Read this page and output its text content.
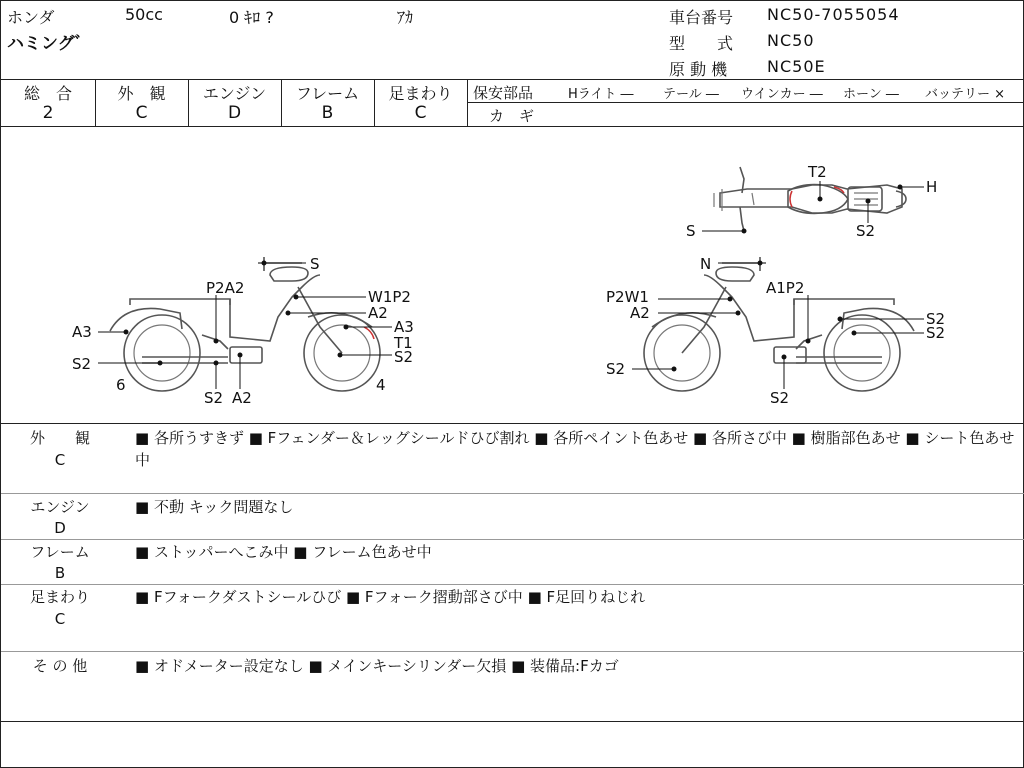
ホンダ	50cc	0 ｷﾛ ?	ｱｶ
ハミングﾞ
車台番号 NC50-7055054
型　　式 NC50
原 動 機 NC50E
総　合	外　観	エンジン	フレーム	足まわり
2	C	D	B	C
保安部品	Hライト ― テール ― ウインカー ― ホーン ― バッテリー ×
カ　ギ
T2
H
S	S2
S
P2A2	W1P2
A2
A3	A3
T1
S2
S2
6	4
S2 A2
N
P2W1	A1P2
A2	S2
S2
S2
S2
外　　観
C
■ 各所うすきず ■ Fフェンダー＆レッグシールドひび割れ ■ 各所ペイント色あせ ■ 各所さび中 ■ 樹脂部色あせ ■ シート色あせ中
エンジン
D
■ 不動 キック問題なし
フレーム
B
■ ストッパーへこみ中 ■ フレーム色あせ中
足まわり
C
■ Fフォークダストシールひび ■ Fフォーク摺動部さび中 ■ F足回りねじれ
そ の 他	■ オドメーター設定なし ■ メインキーシリンダー欠損 ■ 装備品:Fカゴ
